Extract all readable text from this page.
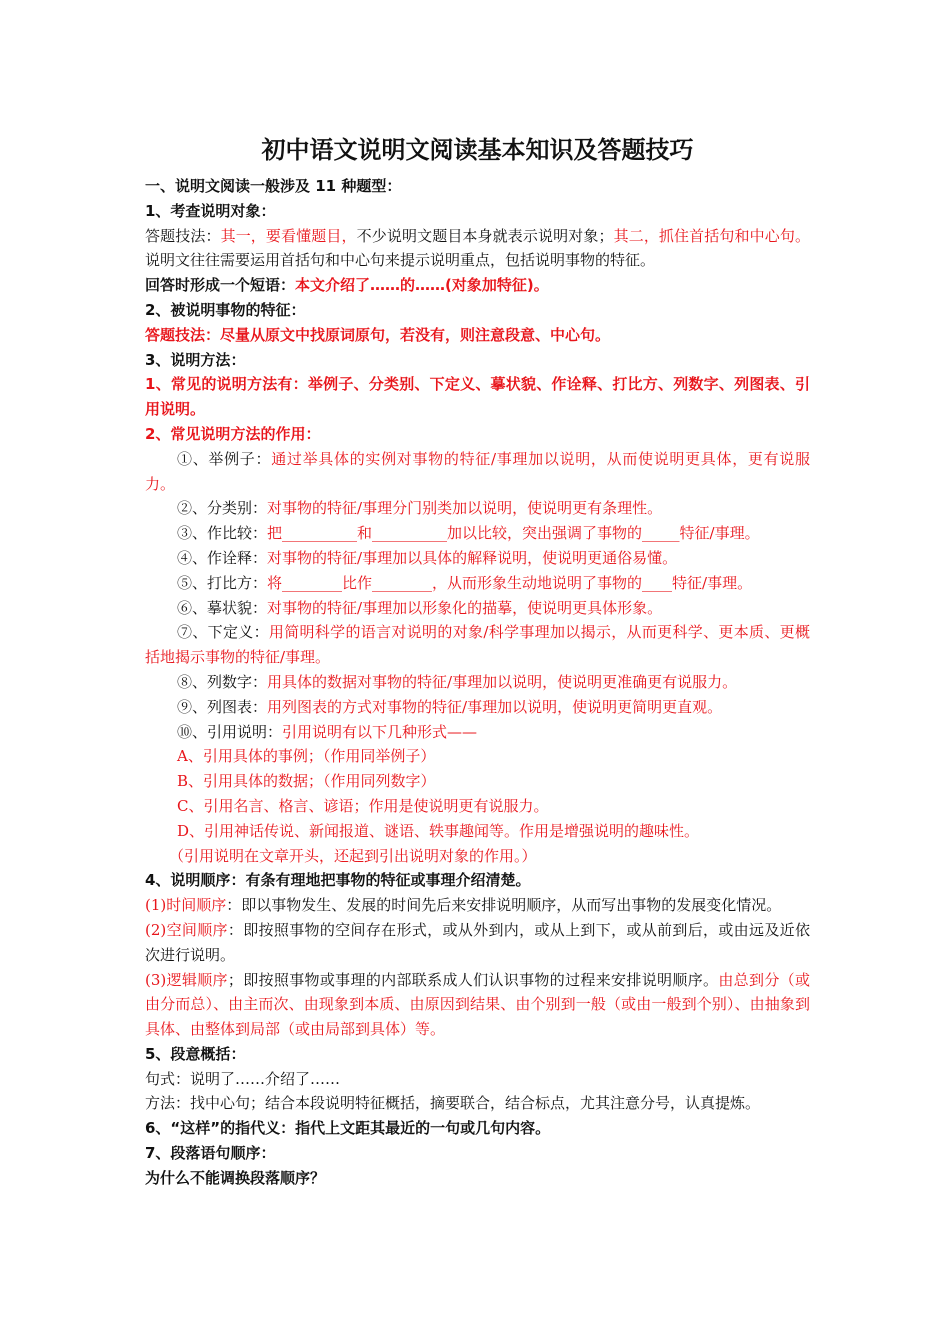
初中语文说明文阅读基本知识及答题技巧

一、说明文阅读一般涉及 11 种题型：

1、考查说明对象：

答题技法：其一，要看懂题目，不少说明文题目本身就表示说明对象；其二，抓住首括句和中心句。说明文往往需要运用首括句和中心句来提示说明重点，包括说明事物的特征。

回答时形成一个短语：本文介绍了……的……(对象加特征)。

2、被说明事物的特征：

答题技法：尽量从原文中找原词原句，若没有，则注意段意、中心句。

3、说明方法：

1、常见的说明方法有：举例子、分类别、下定义、摹状貌、作诠释、打比方、列数字、列图表、引用说明。

2、常见说明方法的作用：

①、举例子：通过举具体的实例对事物的特征/事理加以说明，从而使说明更具体，更有说服力。

②、分类别：对事物的特征/事理分门别类加以说明，使说明更有条理性。

③、作比较：把__________和__________加以比较，突出强调了事物的_____特征/事理。

④、作诠释：对事物的特征/事理加以具体的解释说明，使说明更通俗易懂。

⑤、打比方：将________比作________，从而形象生动地说明了事物的____特征/事理。

⑥、摹状貌：对事物的特征/事理加以形象化的描摹，使说明更具体形象。

⑦、下定义：用简明科学的语言对说明的对象/科学事理加以揭示，从而更科学、更本质、更概括地揭示事物的特征/事理。

⑧、列数字：用具体的数据对事物的特征/事理加以说明，使说明更准确更有说服力。

⑨、列图表：用列图表的方式对事物的特征/事理加以说明，使说明更简明更直观。

⑩、引用说明：引用说明有以下几种形式——

A、引用具体的事例；（作用同举例子）

B、引用具体的数据；（作用同列数字）

C、引用名言、格言、谚语；作用是使说明更有说服力。

D、引用神话传说、新闻报道、谜语、轶事趣闻等。作用是增强说明的趣味性。

（引用说明在文章开头，还起到引出说明对象的作用。）

4、说明顺序：有条有理地把事物的特征或事理介绍清楚。

(1)时间顺序：即以事物发生、发展的时间先后来安排说明顺序，从而写出事物的发展变化情况。

(2)空间顺序：即按照事物的空间存在形式，或从外到内，或从上到下，或从前到后，或由远及近依次进行说明。

(3)逻辑顺序；即按照事物或事理的内部联系成人们认识事物的过程来安排说明顺序。由总到分（或由分而总）、由主而次、由现象到本质、由原因到结果、由个别到一般（或由一般到个别）、由抽象到具体、由整体到局部（或由局部到具体）等。

5、段意概括：

句式：说明了……介绍了……

方法：找中心句；结合本段说明特征概括，摘要联合，结合标点，尤其注意分号，认真提炼。

6、“这样”的指代义：指代上文距其最近的一句或几句内容。

7、段落语句顺序：

为什么不能调换段落顺序？
